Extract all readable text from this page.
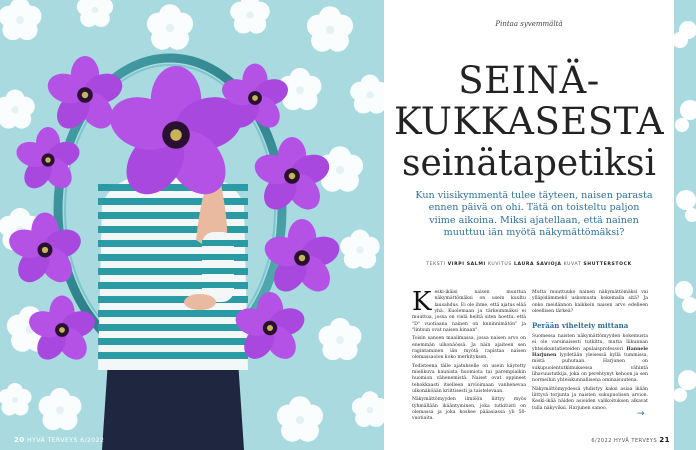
20 HYVÄ TERVEYS 6/2022
Pintaa syvemmältä
SEINÄ-
KUKKASESTA
seinätapetiksi
Kun viisikymmentä tulee täyteen, naisen parasta ennen päivä on ohi. Tätä on toisteltu paljon viime aikoina. Miksi ajatellaan, että nainen muuttuu iän myötä näkymättömäksi?
TEKSTI VIRPI SALMI KUVITUS LAURA SAVIOJA KUVAT SHUTTERSTOCK

Keski-ikäisi naisen muuttua näkymättömäksi on usein kuultu lausahdus. Ei ole ihme, että ajatus elää yhä. Kuolemaan ja tärkeimmäksi ei muuttua, jossa on vielä heiltä siten hoettu, että "D" vuotiaana nainen on kuninnimätön" ja "lintsun ovat naisen kinaan".

Toisin sanoen maailmassa, jossa naisen arvo on enemmän ulkonäössä. Ja näin ajaiteen sen ragintaminen iän myötä rapistaa naisen olemassaolon koko merkityksen.

Todisteena tälle ajatukselle on usein käytetty mielikuva kaunista huomiota tai parempiaikin huomion vähenemistä. Naiset ovat oppineet tehokkaasti itselleen arvioimaan vanhenevaa ulkonäköään kriittisesti ja taistelevaan.

Näkymättömyyden ilmiöön liittyy myös tyhmällään ikääntyminen, joka tutkitusti on olemassa ja joka koskee pääasiassa yli 50-vuotiaita.

Mutta muuttuuko nainen näkymättömäksi vai ylläpidämmekö uskomusta kokemalla sitä? Ja onko meidännon kaikkein naisen arvo edelleen oleellisen tärkeä?

Perään vihelteiy mittana

Suomessa naisten näkymättömyyden kokemusta ei ole varsinaisesti tutkittu, mutta liikunnan yhteiskuntatieteiden apulaisprofessori Hannele Harjunen lyydetään yleisessä kyllä tummissa, mistä puhutaan. Harjunen on sukupuolentutkimuksessa vähintä lihavuustutkija, joka on perehtynyt kehoon ja sen normeihin yhteiskunnallisena ominaisuutena.

Näkymättömyydessä yhdistyy kaksi asiaa ikään liittyvä torjunta ja naisten sukupuolisen arvion. Keski-ikää näiden asioiden valikoituksen alkavat tulla näkyviksi. Harjunen sanoo.

→
6/2022 HYVÄ TERVEYS 21
